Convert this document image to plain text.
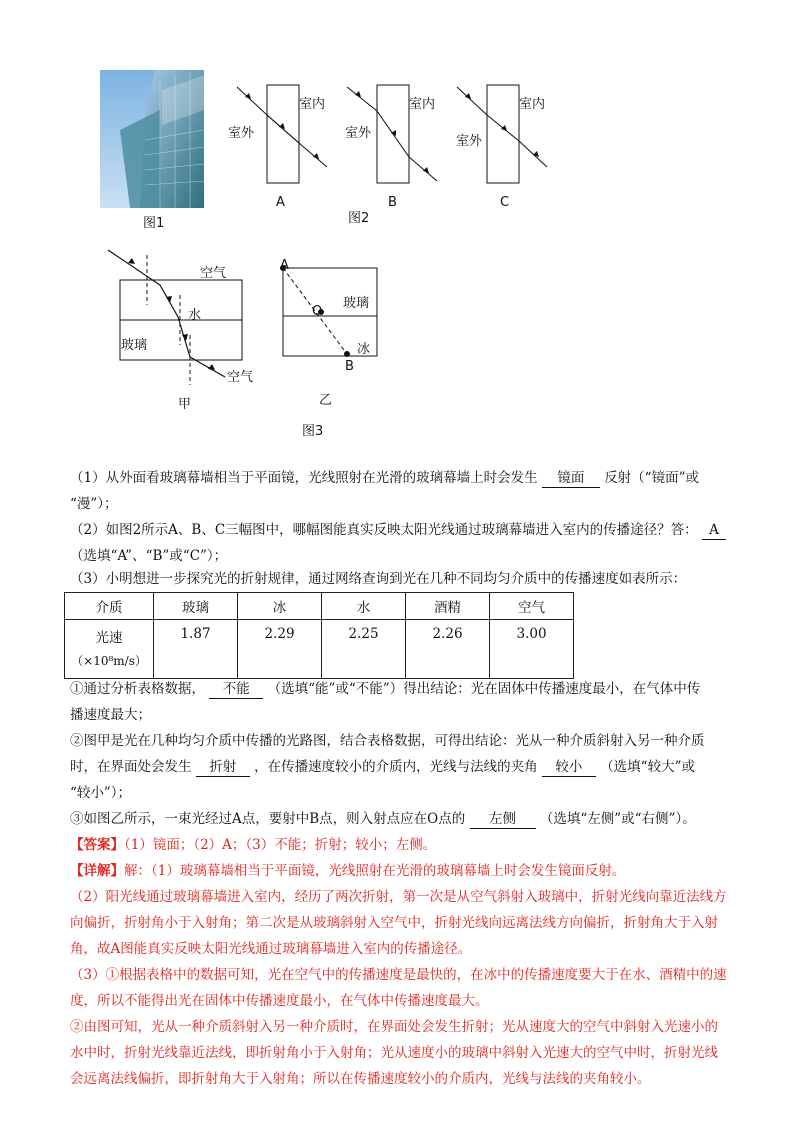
图1
室内
室外
室内
室外
室内
室外
A	B	C
图2
空气
水
玻璃
空气
甲
A
O
B
玻璃
冰
乙
图3
（1）从外面看玻璃幕墙相当于平面镜，光线照射在光滑的玻璃幕墙上时会发生 镜面 反射（“镜面”或
“漫”）；
（2）如图2所示A、B、C三幅图中，哪幅图能真实反映太阳光线通过玻璃幕墙进入室内的传播途径？答： A
（选填“A”、“B”或“C”）；
（3）小明想进一步探究光的折射规律，通过网络查询到光在几种不同均匀介质中的传播速度如表所示：
介质	玻璃	冰	水	酒精	空气
光速
（×10⁸m/s）	1.87	2.29	2.25	2.26	3.00
①通过分析表格数据， 不能 （选填“能”或“不能”）得出结论：光在固体中传播速度最小，在气体中传
播速度最大；
②图甲是光在几种均匀介质中传播的光路图，结合表格数据，可得出结论：光从一种介质斜射入另一种介质
时，在界面处会发生 折射 ，在传播速度较小的介质内，光线与法线的夹角 较小 （选填“较大”或
“较小”）；
③如图乙所示，一束光经过A点，要射中B点，则入射点应在O点的 左侧 （选填“左侧”或“右侧”）。
【答案】（1）镜面；（2）A；（3）不能；折射；较小；左侧。
【详解】解：（1）玻璃幕墙相当于平面镜，光线照射在光滑的玻璃幕墙上时会发生镜面反射。
（2）阳光线通过玻璃幕墙进入室内，经历了两次折射，第一次是从空气斜射入玻璃中，折射光线向靠近法线方
向偏折，折射角小于入射角；第二次是从玻璃斜射入空气中，折射光线向远离法线方向偏折，折射角大于入射
角，故A图能真实反映太阳光线通过玻璃幕墙进入室内的传播途径。
（3）①根据表格中的数据可知，光在空气中的传播速度是最快的，在冰中的传播速度要大于在水、酒精中的速
度，所以不能得出光在固体中传播速度最小，在气体中传播速度最大。
②由图可知，光从一种介质斜射入另一种介质时，在界面处会发生折射；光从速度大的空气中斜射入光速小的
水中时，折射光线靠近法线，即折射角小于入射角；光从速度小的玻璃中斜射入光速大的空气中时，折射光线
会远离法线偏折，即折射角大于入射角；所以在传播速度较小的介质内，光线与法线的夹角较小。
